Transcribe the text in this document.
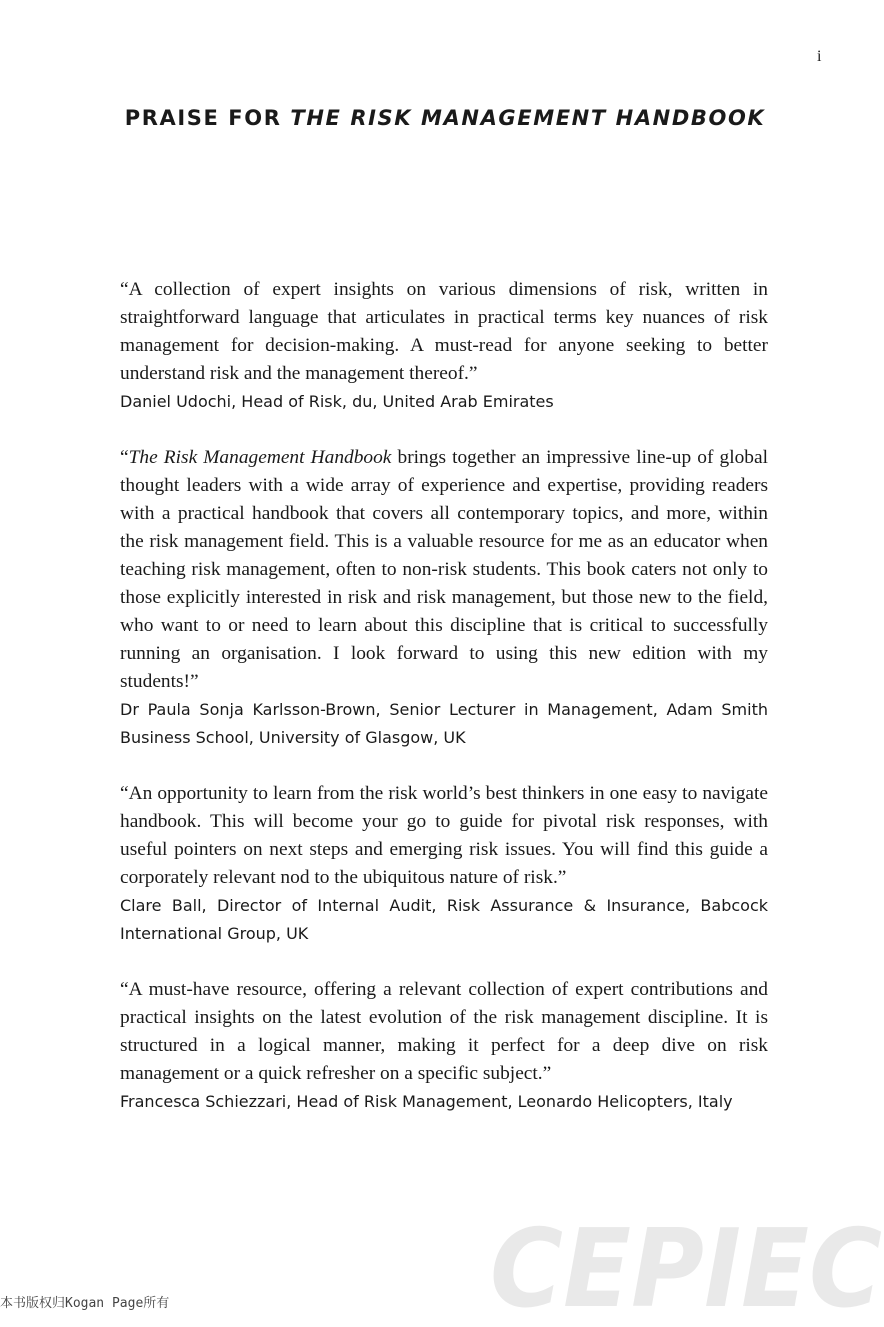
i
PRAISE FOR THE RISK MANAGEMENT HANDBOOK

“A collection of expert insights on various dimensions of risk, written in straightforward language that articulates in practical terms key nuances of risk management for decision-making. A must-read for anyone seeking to better understand risk and the management thereof.”

Daniel Udochi, Head of Risk, du, United Arab Emirates

“The Risk Management Handbook brings together an impressive line-up of global thought leaders with a wide array of experience and expertise, providing readers with a practical handbook that covers all contemporary topics, and more, within the risk management field. This is a valuable resource for me as an educator when teaching risk management, often to non-risk students. This book caters not only to those explicitly interested in risk and risk management, but those new to the field, who want to or need to learn about this discipline that is critical to successfully running an organisation. I look forward to using this new edition with my students!”

Dr Paula Sonja Karlsson-Brown, Senior Lecturer in Management, Adam Smith Business School, University of Glasgow, UK

“An opportunity to learn from the risk world’s best thinkers in one easy to navigate handbook. This will become your go to guide for pivotal risk responses, with useful pointers on next steps and emerging risk issues. You will find this guide a corporately relevant nod to the ubiquitous nature of risk.”

Clare Ball, Director of Internal Audit, Risk Assurance & Insurance, Babcock International Group, UK

“A must-have resource, offering a relevant collection of expert contributions and practical insights on the latest evolution of the risk management discipline. It is structured in a logical manner, making it perfect for a deep dive on risk management or a quick refresher on a specific subject.”

Francesca Schiezzari, Head of Risk Management, Leonardo Helicopters, Italy

CEPIEC
本书版权归Kogan Page所有
